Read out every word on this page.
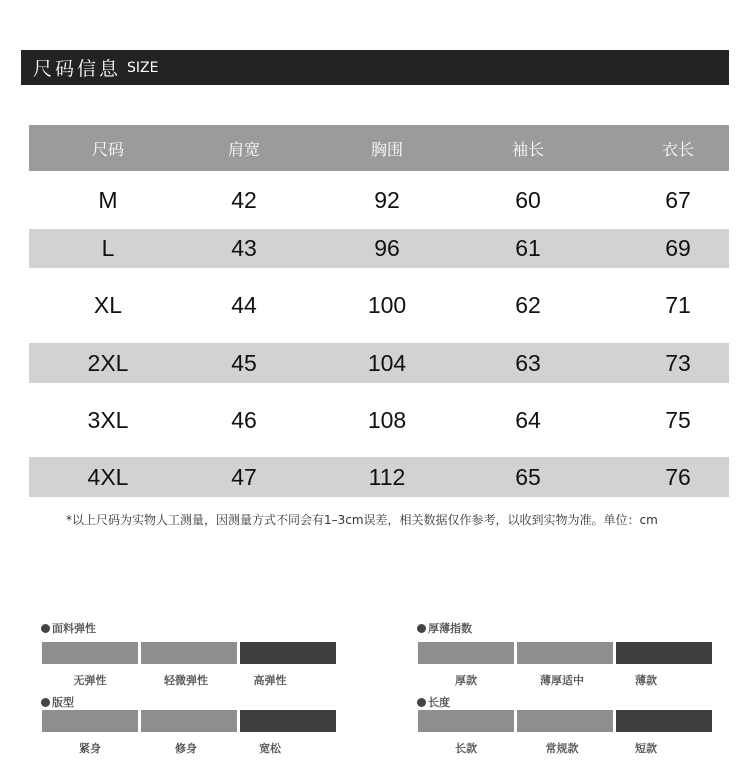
尺码信息 SIZE
尺码	肩宽	胸围	袖长	衣长
M	42	92	60	67
L	43	96	61	69
XL	44	100	62	71
2XL	45	104	63	73
3XL	46	108	64	75
4XL	47	112	65	76
*以上尺码为实物人工测量，因测量方式不同会有1–3cm误差，相关数据仅作参考，以收到实物为准。单位：cm
面料弹性
无弹性	轻微弹性	高弹性
版型
紧身	修身	宽松
厚薄指数
厚款	薄厚适中	薄款
长度
长款	常规款	短款
